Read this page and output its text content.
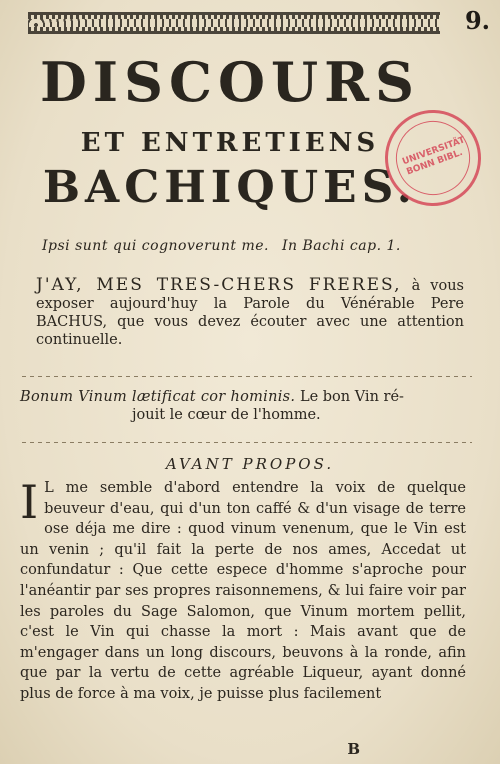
9.
DISCOURS
ET ENTRETIENS
BACHIQUES.
UNIVERSITÄT BONN BIBL.
Ipsi sunt qui cognoverunt me. In Bachi cap. 1.
J'AY, MES TRES-CHERS FRERES, à vous exposer aujourd'huy la Parole du Vénérable Pere BACHUS, que vous devez écouter avec une attention continuelle.
Bonum Vinum lætificat cor hominis. Le bon Vin ré-
jouit le cœur de l'homme.
AVANT PROPOS.
I L me semble d'abord entendre la voix de quelque beuveur d'eau, qui d'un ton caffé & d'un visage de terre ose déja me dire : quod vinum venenum, que le Vin est un venin ; qu'il fait la perte de nos ames, Accedat ut confundatur : Que cette espece d'homme s'aproche pour l'anéantir par ses propres raisonnemens, & lui faire voir par les paroles du Sage Salomon, que Vinum mortem pellit, c'est le Vin qui chasse la mort : Mais avant que de m'engager dans un long discours, beuvons à la ronde, afin que par la vertu de cette agréable Liqueur, ayant donné plus de force à ma voix, je puisse plus facilement
B
